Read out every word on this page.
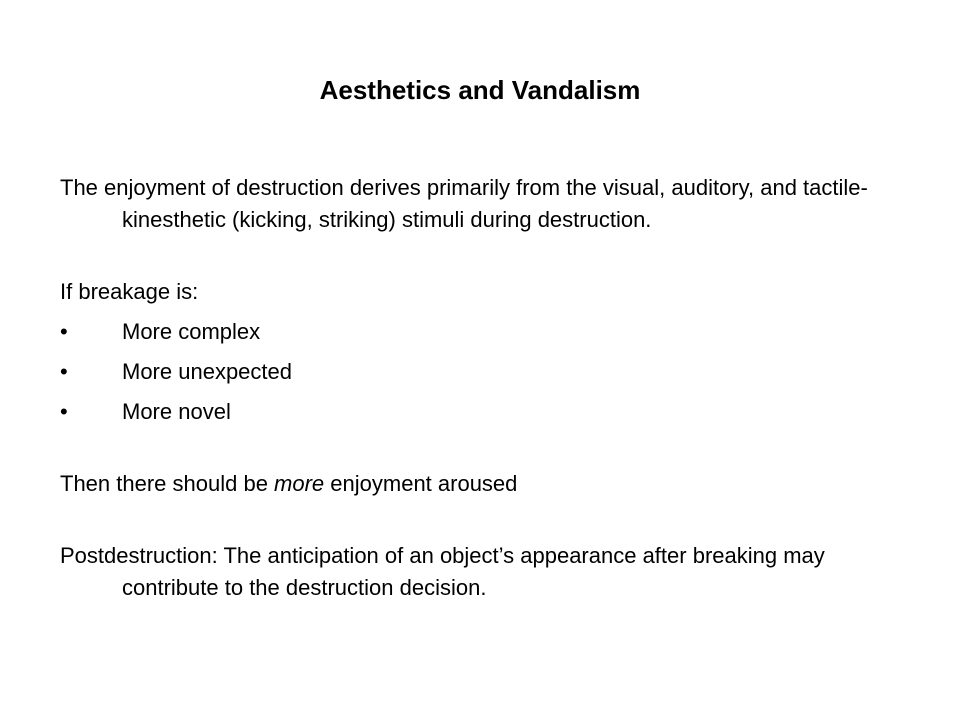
Aesthetics and Vandalism

The enjoyment of destruction derives primarily from the visual, auditory, and tactile-kinesthetic (kicking, striking) stimuli during destruction.

If breakage is:

•	More complex
•	More unexpected
•	More novel

Then there should be more enjoyment aroused

Postdestruction: The anticipation of an object’s appearance after breaking may contribute to the destruction decision.
